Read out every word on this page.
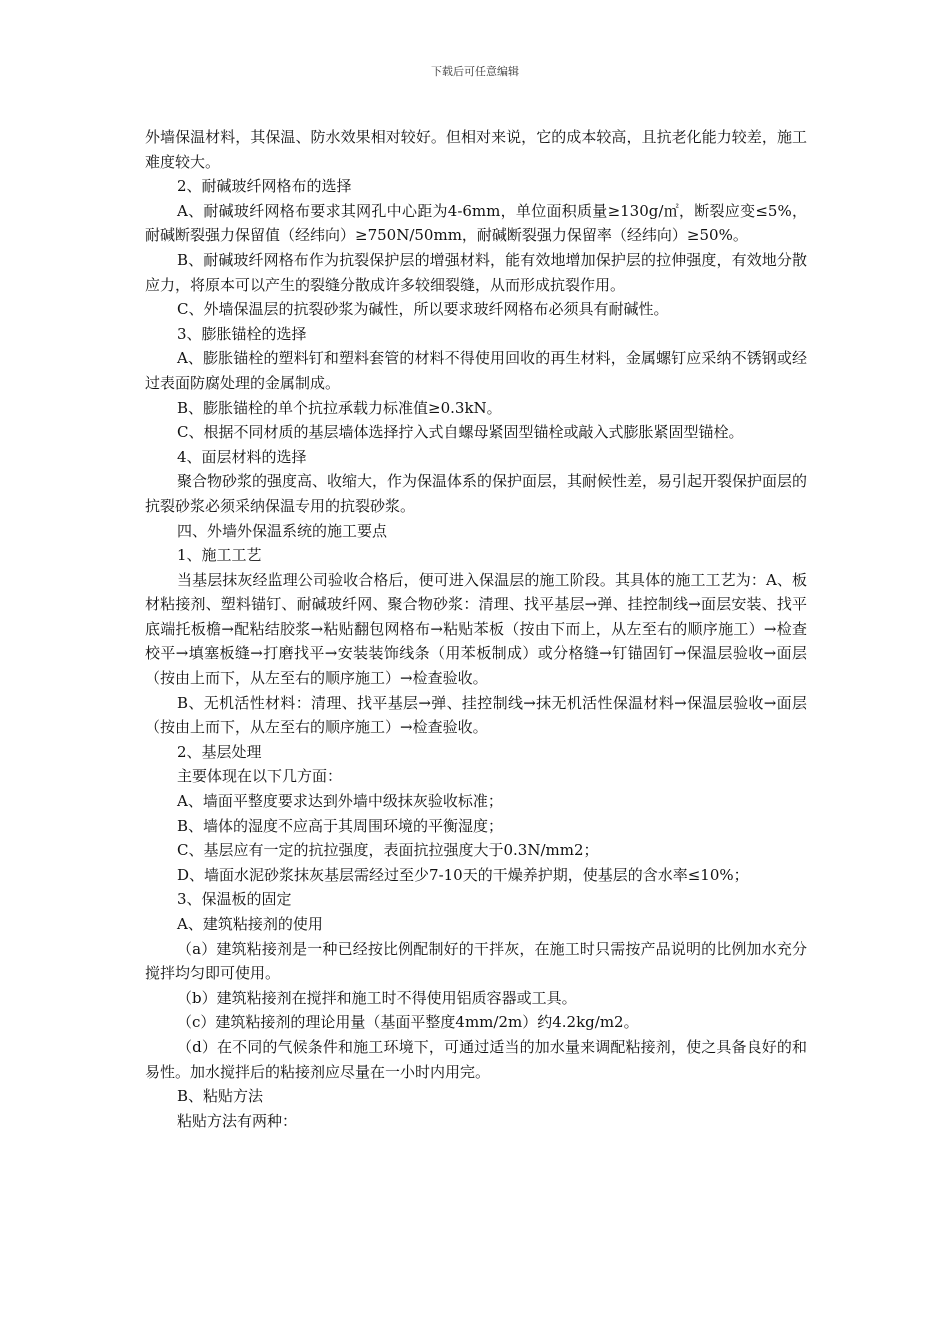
下载后可任意编辑

外墙保温材料，其保温、防水效果相对较好。但相对来说，它的成本较高，且抗老化能力较差，施工难度较大。

2、耐碱玻纤网格布的选择

A、耐碱玻纤网格布要求其网孔中心距为4-6mm，单位面积质量≥130g/㎡，断裂应变≤5%，耐碱断裂强力保留值（经纬向）≥750N/50mm，耐碱断裂强力保留率（经纬向）≥50%。

B、耐碱玻纤网格布作为抗裂保护层的增强材料，能有效地增加保护层的拉伸强度，有效地分散应力，将原本可以产生的裂缝分散成许多较细裂缝，从而形成抗裂作用。

C、外墙保温层的抗裂砂浆为碱性，所以要求玻纤网格布必须具有耐碱性。

3、膨胀锚栓的选择

A、膨胀锚栓的塑料钉和塑料套管的材料不得使用回收的再生材料，金属螺钉应采纳不锈钢或经过表面防腐处理的金属制成。

B、膨胀锚栓的单个抗拉承载力标准值≥0.3kN。

C、根据不同材质的基层墙体选择拧入式自螺母紧固型锚栓或敲入式膨胀紧固型锚栓。

4、面层材料的选择

聚合物砂浆的强度高、收缩大，作为保温体系的保护面层，其耐候性差，易引起开裂保护面层的抗裂砂浆必须采纳保温专用的抗裂砂浆。

四、外墙外保温系统的施工要点

1、施工工艺

当基层抹灰经监理公司验收合格后，便可进入保温层的施工阶段。其具体的施工工艺为：A、板材粘接剂、塑料锚钉、耐碱玻纤网、聚合物砂浆：清理、找平基层→弹、挂控制线→面层安装、找平底端托板檐→配粘结胶浆→粘贴翻包网格布→粘贴苯板（按由下而上，从左至右的顺序施工）→检查校平→填塞板缝→打磨找平→安装装饰线条（用苯板制成）或分格缝→钉锚固钉→保温层验收→面层（按由上而下，从左至右的顺序施工）→检查验收。

B、无机活性材料：清理、找平基层→弹、挂控制线→抹无机活性保温材料→保温层验收→面层（按由上而下，从左至右的顺序施工）→检查验收。

2、基层处理

主要体现在以下几方面：

A、墙面平整度要求达到外墙中级抹灰验收标准；

B、墙体的湿度不应高于其周围环境的平衡湿度；

C、基层应有一定的抗拉强度，表面抗拉强度大于0.3N/mm2；

D、墙面水泥砂浆抹灰基层需经过至少7-10天的干燥养护期，使基层的含水率≤10%；

3、保温板的固定

A、建筑粘接剂的使用

（a）建筑粘接剂是一种已经按比例配制好的干拌灰，在施工时只需按产品说明的比例加水充分搅拌均匀即可使用。

（b）建筑粘接剂在搅拌和施工时不得使用铝质容器或工具。

（c）建筑粘接剂的理论用量（基面平整度4mm/2m）约4.2kg/m2。

（d）在不同的气候条件和施工环境下，可通过适当的加水量来调配粘接剂，使之具备良好的和易性。加水搅拌后的粘接剂应尽量在一小时内用完。

B、粘贴方法

粘贴方法有两种：
